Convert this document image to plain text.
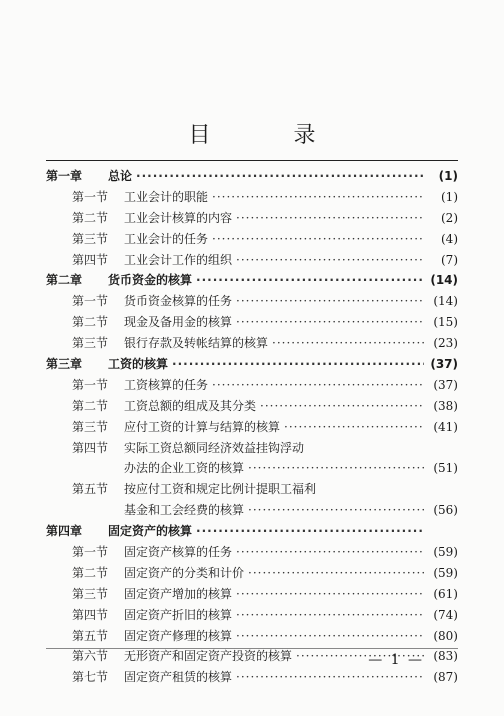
目 录
第一章	总论 ·····	(1)
第一节	工业会计的职能 ·····	(1)
第二节	工业会计核算的内容 ·····	(2)
第三节	工业会计的任务 ·····	(4)
第四节	工业会计工作的组织 ·····	(7)
第二章	货币资金的核算 ·····	(14)
第一节	货币资金核算的任务 ·····	(14)
第二节	现金及备用金的核算 ·····	(15)
第三节	银行存款及转帐结算的核算 ·····	(23)
第三章	工资的核算 ·····	(37)
第一节	工资核算的任务 ·····	(37)
第二节	工资总额的组成及其分类 ·····	(38)
第三节	应付工资的计算与结算的核算 ·····	(41)
第四节	实际工资总额同经济效益挂钩浮动
办法的企业工资的核算 ·····	(51)
第五节	按应付工资和规定比例计提职工福利
基金和工会经费的核算 ·····	(56)
第四章	固定资产的核算
·····
第一节	固定资产核算的任务 ·····	(59)
第二节	固定资产的分类和计价 ·····	(59)
第三节	固定资产增加的核算 ·····	(61)
第四节	固定资产折旧的核算 ·····	(74)
第五节	固定资产修理的核算 ·····	(80)
第六节	无形资产和固定资产投资的核算 ·····	(83)
第七节	固定资产租赁的核算 ·····	(87)
— 1 —
